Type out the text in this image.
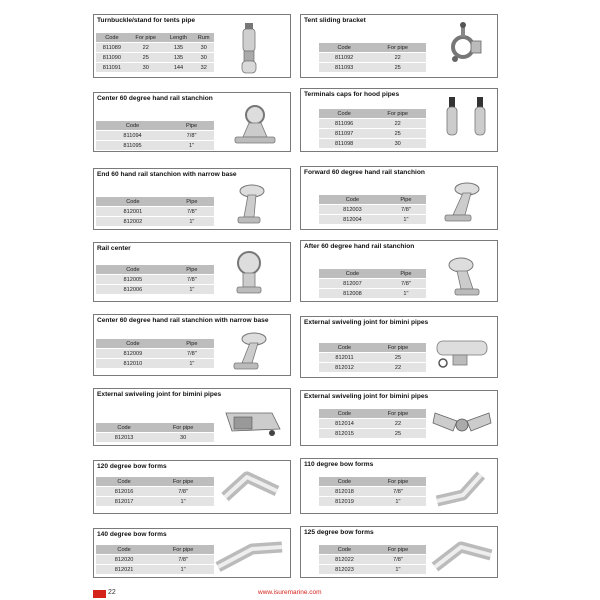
Turnbuckle/stand for tents pipe
Code	For pipe	Length	Rum
811089	22	135	30
811090	25	135	30
811091	30	144	32
Tent sliding bracket
Code	For pipe
811092	22
811093	25
Center 60 degree hand rail stanchion
Code	Pipe
811094	7/8"
811095	1"
Terminals caps for hood pipes
Code	For pipe
811096	22
811097	25
811098	30
End 60 hand rail stanchion with narrow base
Code	Pipe
812001	7/8"
812002	1"
Forward 60 degree hand rail stanchion
Code	Pipe
812003	7/8"
812004	1"
Rail center
Code	Pipe
812005	7/8"
812006	1"
After 60 degree hand rail stanchion
Code	Pipe
812007	7/8"
812008	1"
Center 60 degree hand rail stanchion with narrow base
Code	Pipe
812009	7/8"
812010	1"
External swiveling joint for bimini pipes
Code	For pipe
812011	25
812012	22
External swiveling joint for bimini pipes
Code	For pipe
812013	30
External swiveling joint for bimini pipes
Code	For pipe
812014	22
812015	25
120 degree bow forms
Code	For pipe
812016	7/8"
812017	1"
110 degree bow forms
Code	For pipe
812018	7/8"
812019	1"
140 degree bow forms
Code	For pipe
812020	7/8"
812021	1"
125 degree bow forms
Code	For pipe
812022	7/8"
812023	1"
22	www.isuremarine.com
